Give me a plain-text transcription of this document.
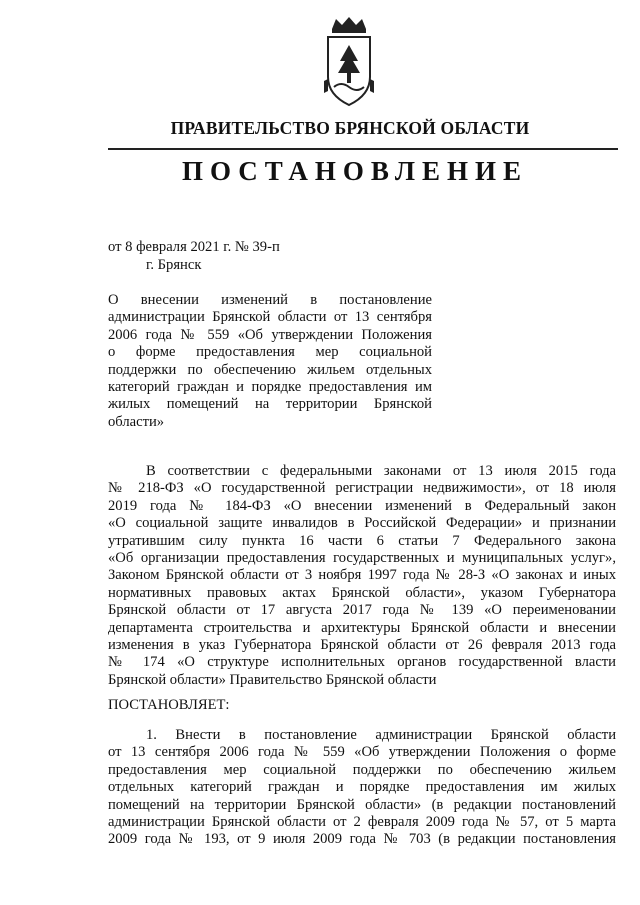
ПРАВИТЕЛЬСТВО БРЯНСКОЙ ОБЛАСТИ
ПОСТАНОВЛЕНИЕ
от 8 февраля 2021 г. № 39-п
г. Брянск
О внесении изменений в постановление
администрации Брянской области от 13 сентября
2006 года № 559 «Об утверждении Положения
о форме предоставления мер социальной
поддержки по обеспечению жильем отдельных
категорий граждан и порядке предоставления им
жилых помещений на территории Брянской
области»
В соответствии с федеральными законами от 13 июля 2015 года
№ 218-ФЗ «О государственной регистрации недвижимости», от 18 июля
2019 года № 184-ФЗ «О внесении изменений в Федеральный закон
«О социальной защите инвалидов в Российской Федерации» и признании
утратившим силу пункта 16 части 6 статьи 7 Федерального закона
«Об организации предоставления государственных и муниципальных услуг»,
Законом Брянской области от 3 ноября 1997 года № 28-З «О законах и иных
нормативных правовых актах Брянской области», указом Губернатора
Брянской области от 17 августа 2017 года № 139 «О переименовании
департамента строительства и архитектуры Брянской области и внесении
изменения в указ Губернатора Брянской области от 26 февраля 2013 года
№ 174 «О структуре исполнительных органов государственной власти
Брянской области» Правительство Брянской области
ПОСТАНОВЛЯЕТ:
1. Внести в постановление администрации Брянской области
от 13 сентября 2006 года № 559 «Об утверждении Положения о форме
предоставления мер социальной поддержки по обеспечению жильем
отдельных категорий граждан и порядке предоставления им жилых
помещений на территории Брянской области» (в редакции постановлений
администрации Брянской области от 2 февраля 2009 года № 57, от 5 марта
2009 года № 193, от 9 июля 2009 года № 703 (в редакции постановления
